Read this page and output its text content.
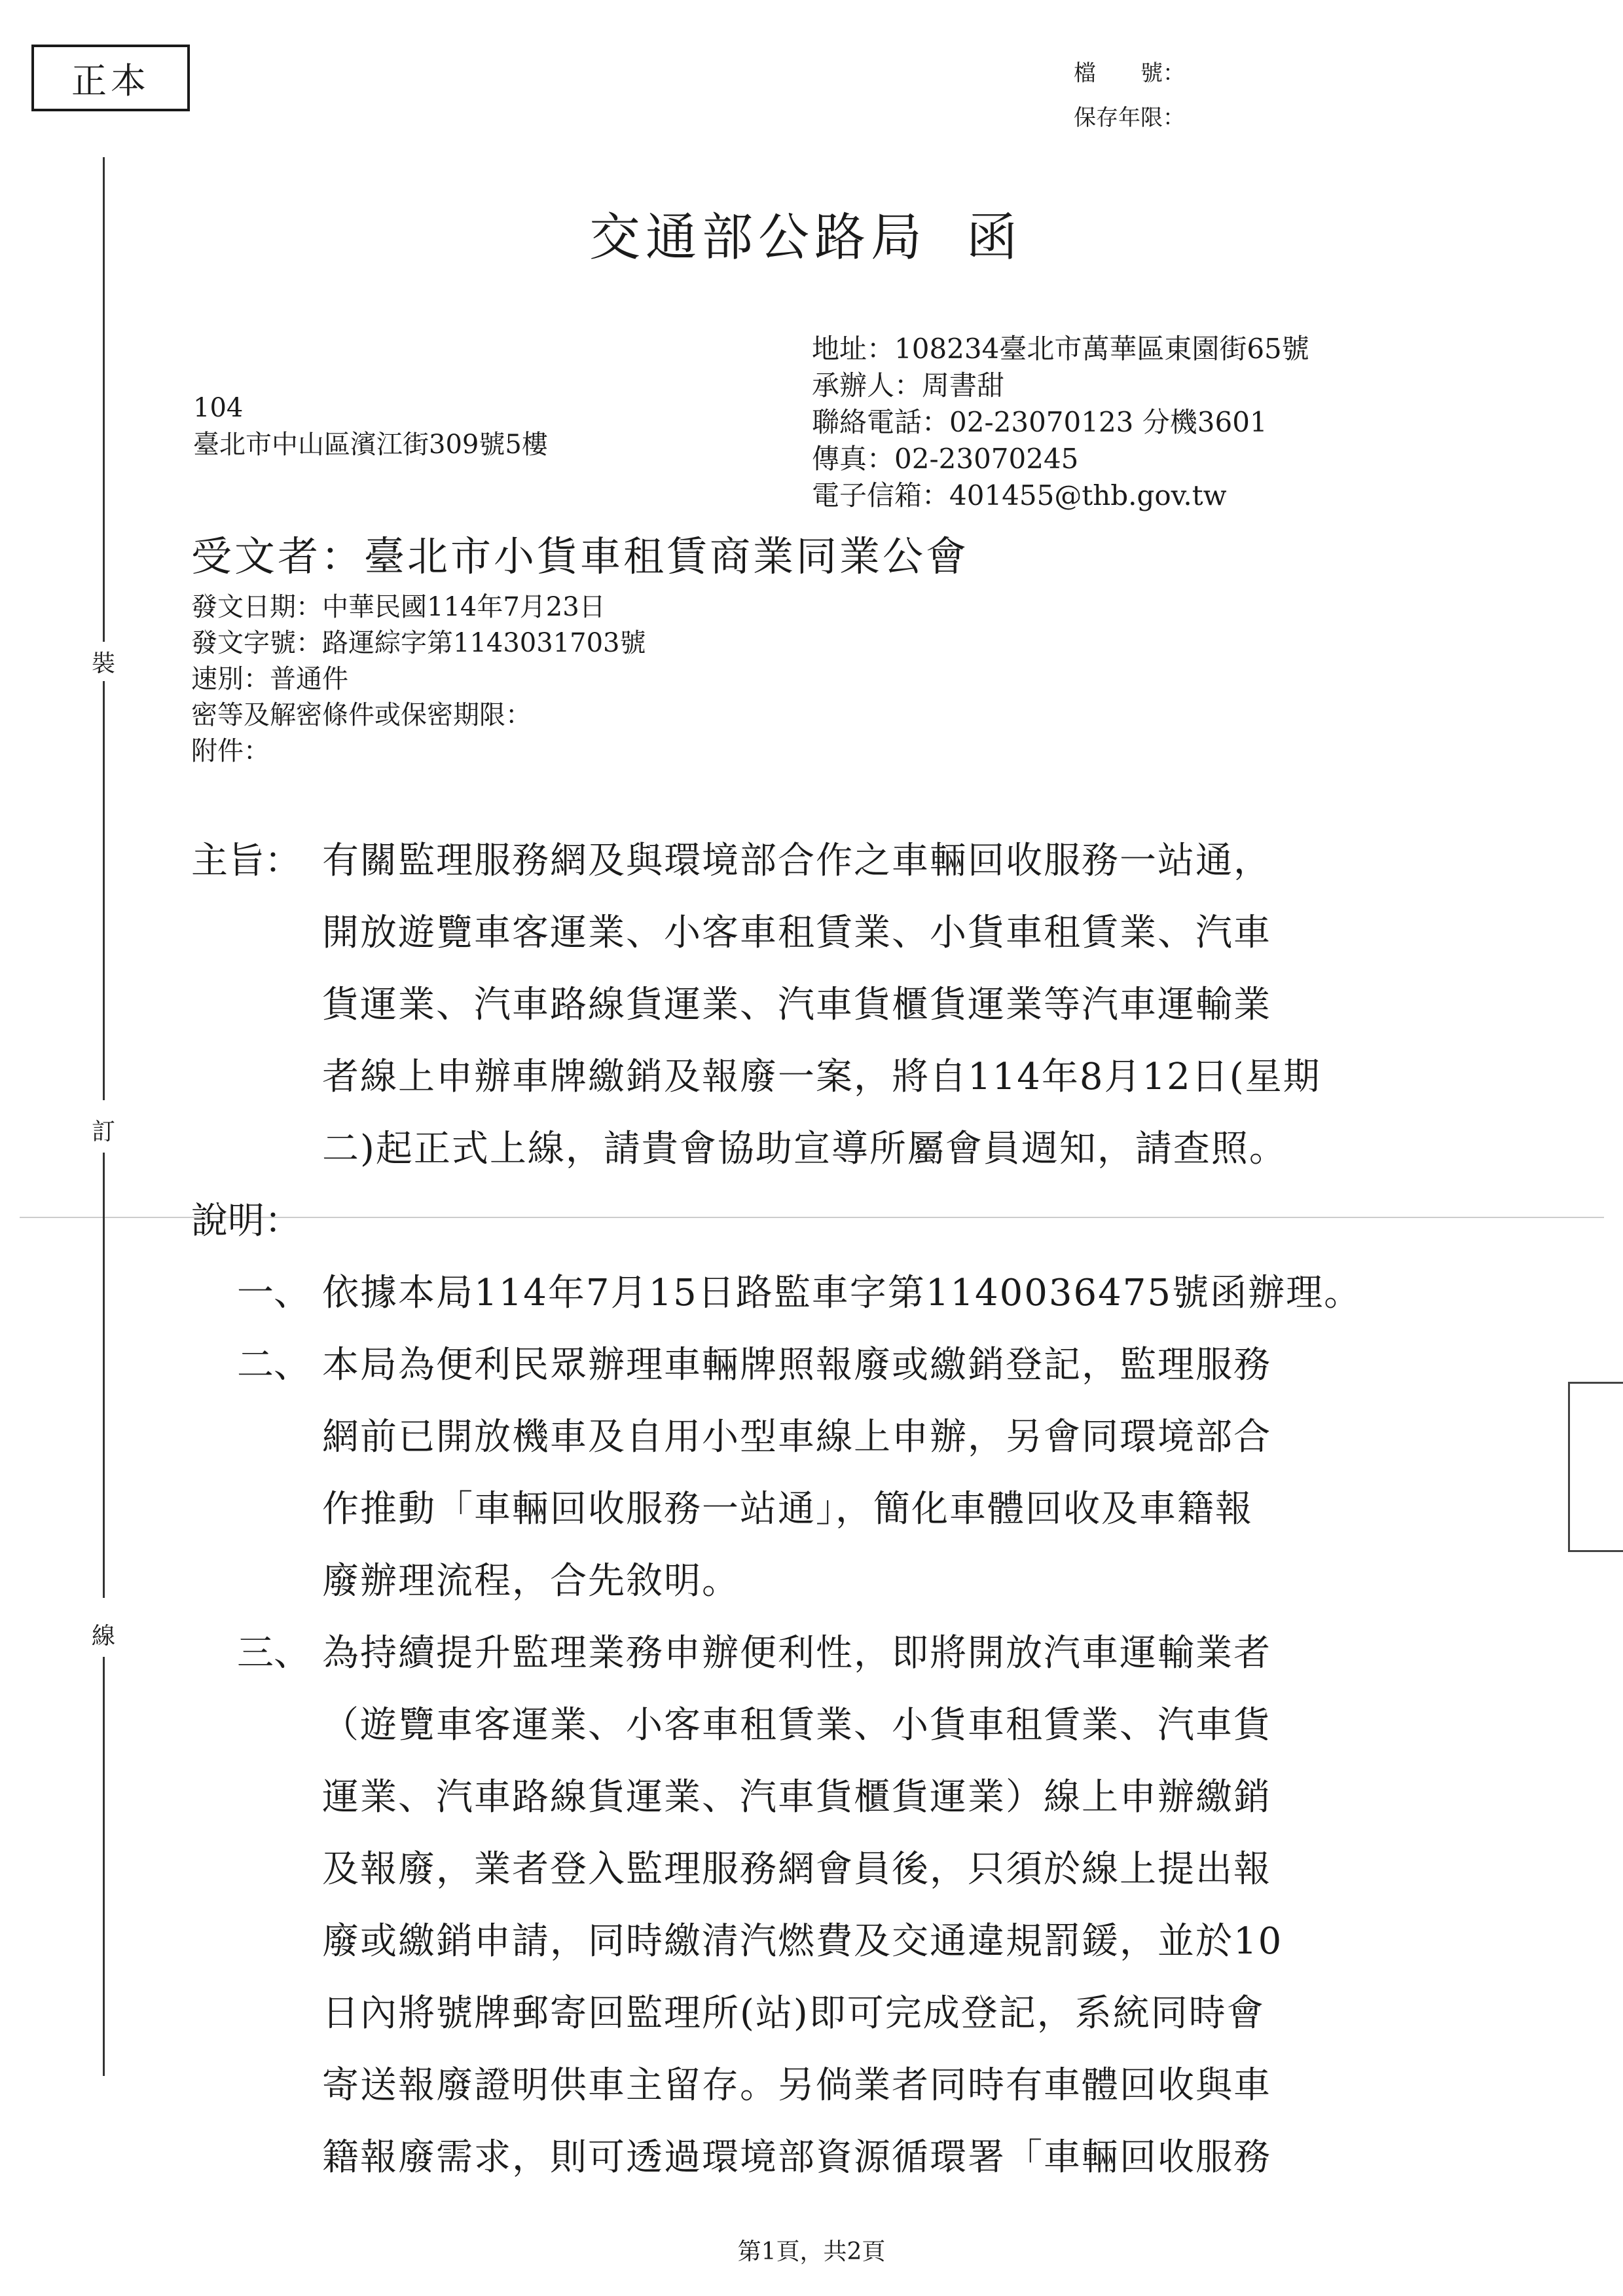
正本	檔　　號：
保存年限：
裝
訂
線
交通部公路局 函
地址：108234臺北市萬華區東園街65號
承辦人：周書甜
聯絡電話：02-23070123 分機3601
傳真：02-23070245
電子信箱：401455@thb.gov.tw
104
臺北市中山區濱江街309號5樓
受文者：臺北市小貨車租賃商業同業公會
發文日期：中華民國114年7月23日
發文字號：路運綜字第1143031703號
速別：普通件
密等及解密條件或保密期限：
附件：
主旨： 有關監理服務網及與環境部合作之車輛回收服務一站通，
開放遊覽車客運業、小客車租賃業、小貨車租賃業、汽車
貨運業、汽車路線貨運業、汽車貨櫃貨運業等汽車運輸業
者線上申辦車牌繳銷及報廢一案，將自114年8月12日(星期
二)起正式上線，請貴會協助宣導所屬會員週知，請查照。
說明：
一、 依據本局114年7月15日路監車字第1140036475號函辦理。
二、 本局為便利民眾辦理車輛牌照報廢或繳銷登記，監理服務
網前已開放機車及自用小型車線上申辦，另會同環境部合
作推動「車輛回收服務一站通」，簡化車體回收及車籍報
廢辦理流程，合先敘明。
三、 為持續提升監理業務申辦便利性，即將開放汽車運輸業者
（遊覽車客運業、小客車租賃業、小貨車租賃業、汽車貨
運業、汽車路線貨運業、汽車貨櫃貨運業）線上申辦繳銷
及報廢，業者登入監理服務網會員後，只須於線上提出報
廢或繳銷申請，同時繳清汽燃費及交通違規罰鍰，並於10
日內將號牌郵寄回監理所(站)即可完成登記，系統同時會
寄送報廢證明供車主留存。另倘業者同時有車體回收與車
籍報廢需求，則可透過環境部資源循環署「車輛回收服務
第1頁，共2頁
